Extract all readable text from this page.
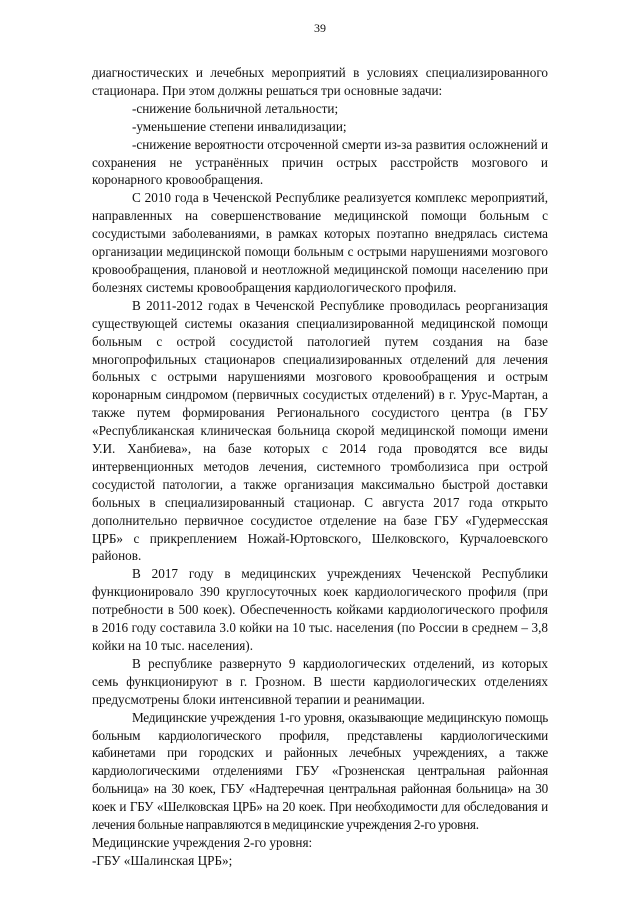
39

диагностических и лечебных мероприятий в условиях специализированного стационара. При этом должны решаться три основные задачи:

-снижение больничной летальности;

-уменьшение степени инвалидизации;

-снижение вероятности отсроченной смерти из-за развития осложнений и сохранения не устранённых причин острых расстройств мозгового и коронарного кровообращения.

С 2010 года в Чеченской Республике реализуется комплекс мероприятий, направленных на совершенствование медицинской помощи больным с сосудистыми заболеваниями, в рамках которых поэтапно внедрялась система организации медицинской помощи больным с острыми нарушениями мозгового кровообращения, плановой и неотложной медицинской помощи населению при болезнях системы кровообращения кардиологического профиля.

В 2011-2012 годах в Чеченской Республике проводилась реорганизация существующей системы оказания специализированной медицинской помощи больным с острой сосудистой патологией путем создания на базе многопрофильных стационаров специализированных отделений для лечения больных с острыми нарушениями мозгового кровообращения и острым коронарным синдромом (первичных сосудистых отделений) в г. Урус-Мартан, а также путем формирования Регионального сосудистого центра (в ГБУ «Республиканская клиническая больница скорой медицинской помощи имени У.И. Ханбиева», на базе которых с 2014 года проводятся все виды интервенционных методов лечения, системного тромболизиса при острой сосудистой патологии, а также организация максимально быстрой доставки больных в специализированный стационар. С августа 2017 года открыто дополнительно первичное сосудистое отделение на базе ГБУ «Гудермесская ЦРБ» с прикреплением Ножай-Юртовского, Шелковского, Курчалоевского районов.

В 2017 году в медицинских учреждениях Чеченской Республики функционировало 390 круглосуточных коек кардиологического профиля (при потребности в 500 коек). Обеспеченность койками кардиологического профиля в 2016 году составила 3.0 койки на 10 тыс. населения (по России в среднем – 3,8 койки на 10 тыс. населения).

В республике развернуто 9 кардиологических отделений, из которых семь функционируют в г. Грозном. В шести кардиологических отделениях предусмотрены блоки интенсивной терапии и реанимации.

Медицинские учреждения 1-го уровня, оказывающие медицинскую помощь больным кардиологического профиля, представлены кардиологическими кабинетами при городских и районных лечебных учреждениях, а также кардиологическими отделениями ГБУ «Грозненская центральная районная больница» на 30 коек, ГБУ «Надтеречная центральная районная больница» на 30 коек и ГБУ «Шелковская ЦРБ» на 20 коек. При необходимости для обследования и лечения больные направляются в медицинские учреждения 2-го уровня.

Медицинские учреждения 2-го уровня:

-ГБУ «Шалинская ЦРБ»;
